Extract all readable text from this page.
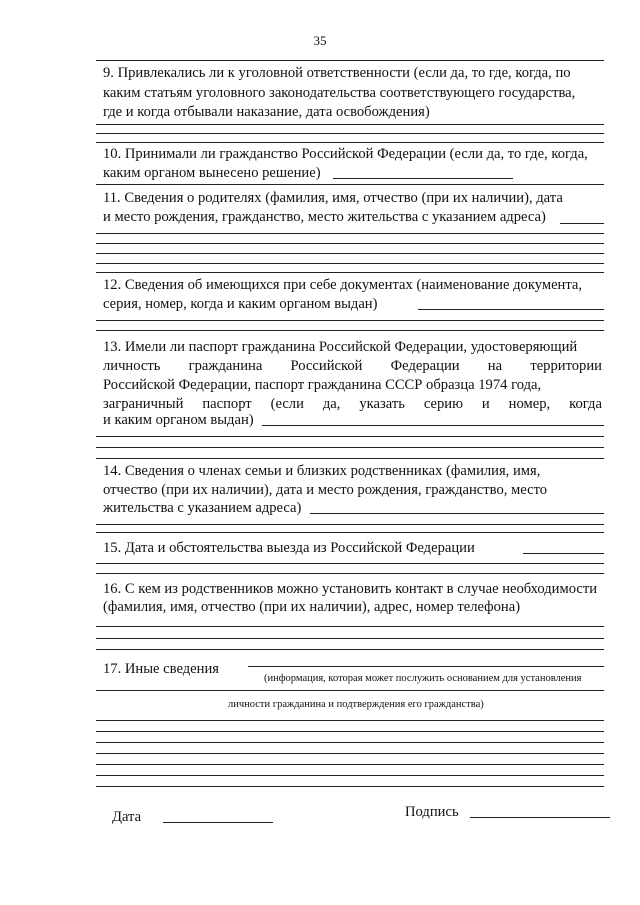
35
9. Привлекались ли к уголовной ответственности (если да, то где, когда, по
каким статьям уголовного законодательства соответствующего государства,
где и когда отбывали наказание, дата освобождения)
10. Принимали ли гражданство Российской Федерации (если да, то где, когда,
каким органом вынесено решение)
11. Сведения о родителях (фамилия, имя, отчество (при их наличии), дата
и место рождения, гражданство, место жительства с указанием адреса)
12. Сведения об имеющихся при себе документах (наименование документа,
серия, номер, когда и каким органом выдан)
13. Имели ли паспорт гражданина Российской Федерации, удостоверяющий
личность гражданина Российской Федерации на территории
Российской Федерации, паспорт гражданина СССР образца 1974 года,
заграничный паспорт (если да, указать серию и номер, когда
и каким органом выдан)
14. Сведения о членах семьи и близких родственниках (фамилия, имя,
отчество (при их наличии), дата и место рождения, гражданство, место
жительства с указанием адреса)
15. Дата и обстоятельства выезда из Российской Федерации
16. С кем из родственников можно установить контакт в случае необходимости
(фамилия, имя, отчество (при их наличии), адрес, номер телефона)
17. Иные сведения
(информация, которая может послужить основанием для установления
личности гражданина и подтверждения его гражданства)
Дата	Подпись
